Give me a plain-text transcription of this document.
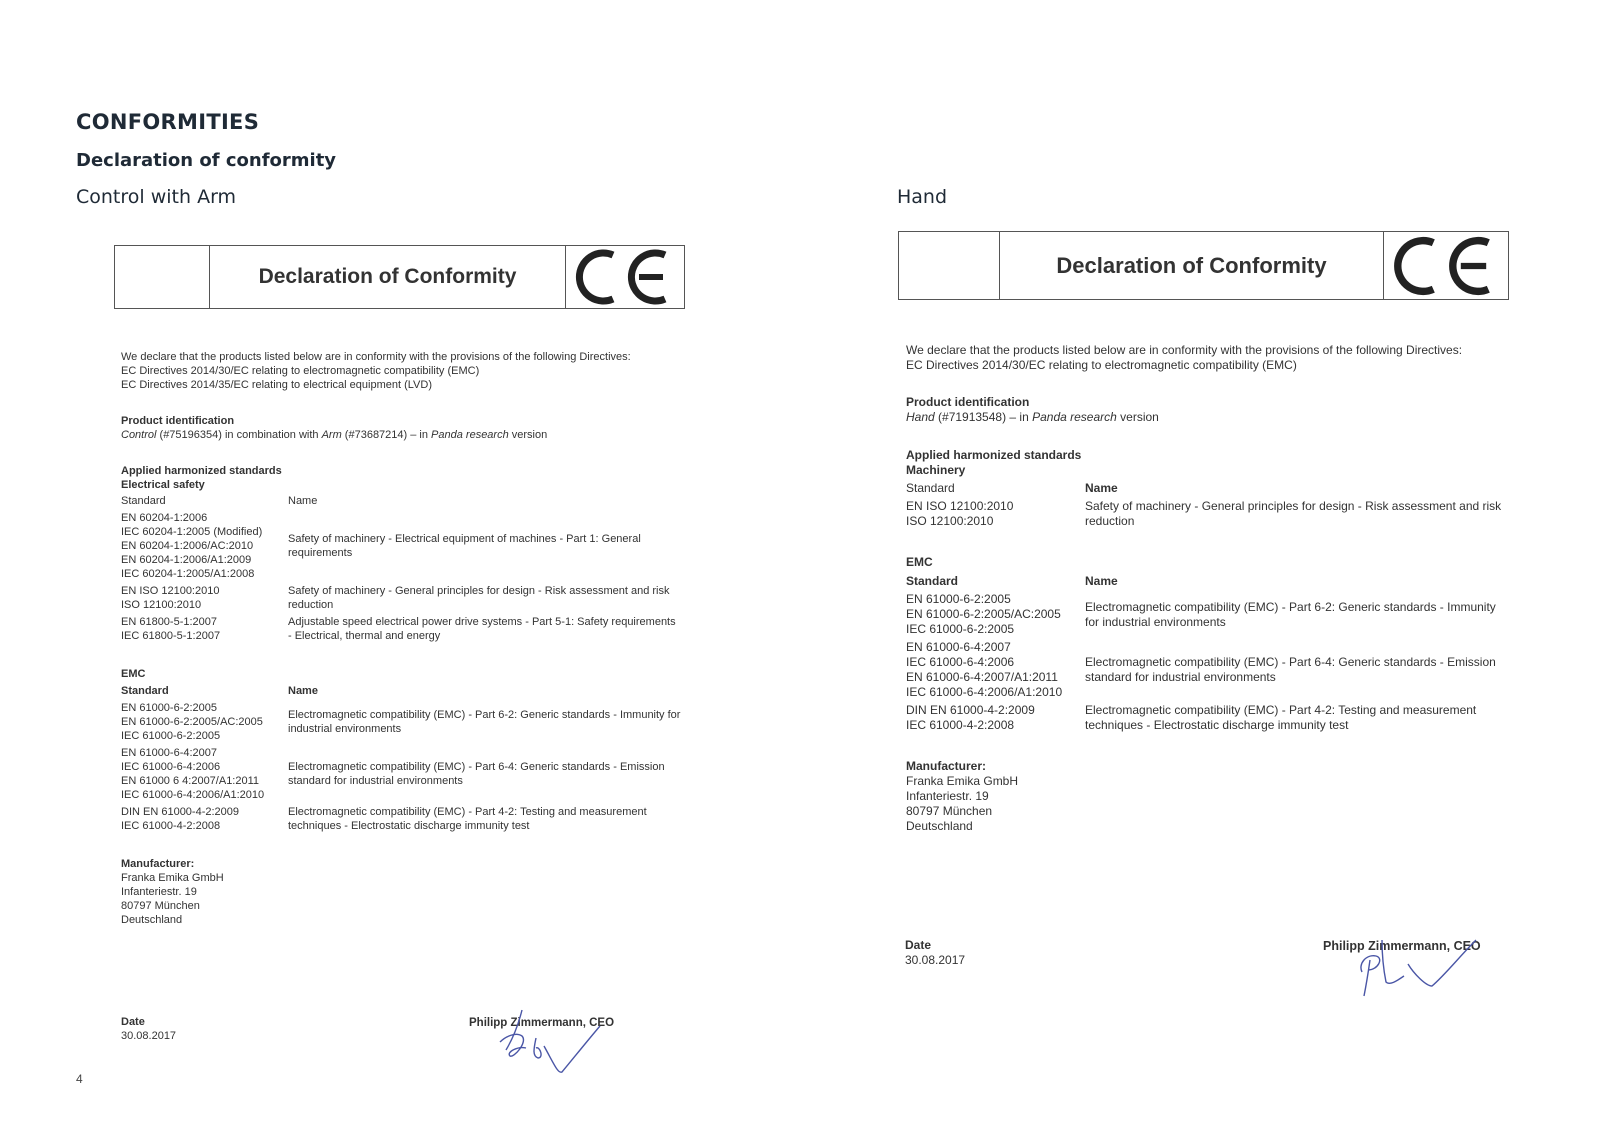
CONFORMITIES
Declaration of conformity
Control with Arm	Hand
Declaration of Conformity

We declare that the products listed below are in conformity with the provisions of the following Directives:

EC Directives 2014/30/EC relating to electromagnetic compatibility (EMC)

EC Directives 2014/35/EC relating to electrical equipment (LVD)

Product identification

Control (#75196354) in combination with Arm (#73687214) – in Panda research version

Applied harmonized standards

Electrical safety

Standard	Name
EN 60204-1:2006
IEC 60204-1:2005 (Modified)
EN 60204-1:2006/AC:2010
EN 60204-1:2006/A1:2009
IEC 60204-1:2005/A1:2008
Safety of machinery - Electrical equipment of machines - Part 1: General requirements
EN ISO 12100:2010
ISO 12100:2010
Safety of machinery - General principles for design - Risk assessment and risk reduction
EN 61800-5-1:2007
IEC 61800-5-1:2007
Adjustable speed electrical power drive systems - Part 5-1: Safety requirements - Electrical, thermal and energy

EMC

Standard	Name
EN 61000-6-2:2005
EN 61000-6-2:2005/AC:2005
IEC 61000-6-2:2005
Electromagnetic compatibility (EMC) - Part 6-2: Generic standards - Immunity for industrial environments
EN 61000-6-4:2007
IEC 61000-6-4:2006
EN 61000 6 4:2007/A1:2011
IEC 61000-6-4:2006/A1:2010
Electromagnetic compatibility (EMC) - Part 6-4: Generic standards - Emission standard for industrial environments
DIN EN 61000-4-2:2009
IEC 61000-4-2:2008
Electromagnetic compatibility (EMC) - Part 4-2: Testing and measurement techniques - Electrostatic discharge immunity test

Manufacturer:

Franka Emika GmbH

Infanteriestr. 19

80797 München

Deutschland

Date

30.08.2017

Philipp Zimmermann, CEO
4
Declaration of Conformity

We declare that the products listed below are in conformity with the provisions of the following Directives:

EC Directives 2014/30/EC relating to electromagnetic compatibility (EMC)

Product identification

Hand (#71913548) – in Panda research version

Applied harmonized standards

Machinery

Standard	Name
EN ISO 12100:2010
ISO 12100:2010
Safety of machinery - General principles for design - Risk assessment and risk reduction

EMC

Standard	Name
EN 61000-6-2:2005
EN 61000-6-2:2005/AC:2005
IEC 61000-6-2:2005
Electromagnetic compatibility (EMC) - Part 6-2: Generic standards - Immunity for industrial environments
EN 61000-6-4:2007
IEC 61000-6-4:2006
EN 61000-6-4:2007/A1:2011
IEC 61000-6-4:2006/A1:2010
Electromagnetic compatibility (EMC) - Part 6-4: Generic standards - Emission standard for industrial environments
DIN EN 61000-4-2:2009
IEC 61000-4-2:2008
Electromagnetic compatibility (EMC) - Part 4-2: Testing and measurement techniques - Electrostatic discharge immunity test

Manufacturer:

Franka Emika GmbH

Infanteriestr. 19

80797 München

Deutschland

Date

30.08.2017

Philipp Zimmermann, CEO
